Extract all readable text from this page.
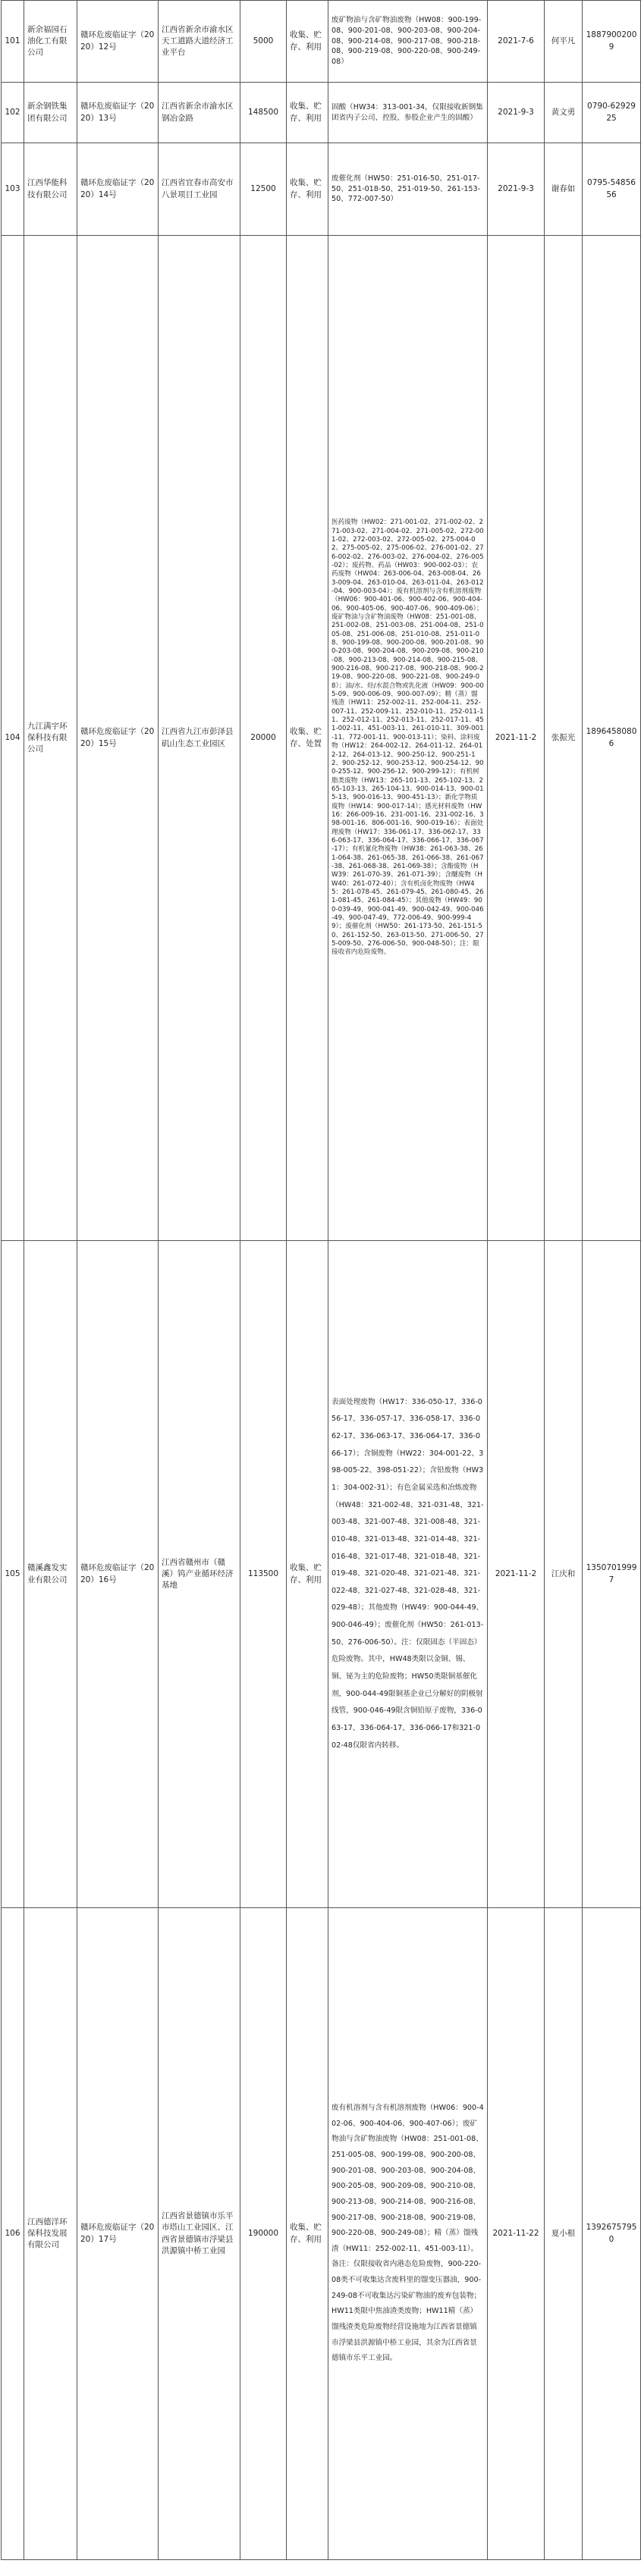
101	新余福园石油化工有限公司	赣环危废临证字（2020）12号	江西省新余市渝水区天工道路大道经济工业平台	5000	收集、贮存、利用	废矿物油与含矿物油废物（HW08：900-199-08、900-201-08、900-203-08、900-204-08、900-214-08、900-217-08、900-218-08、900-219-08、900-220-08、900-249-08）	2021-7-6	何平凡	18879002009
102	新余钢铁集团有限公司	赣环危废临证字（2020）13号	江西省新余市渝水区钢冶金路	148500	收集、贮存、利用	固酸（HW34：313-001-34，仅限接收新钢集团省内子公司、控股、参股企业产生的固酸）	2021-9-3	黄文勇	0790-6292925
103	江西华能科技有限公司	赣环危废临证字（2020）14号	江西省宜春市高安市八景项目工业园	12500	收集、贮存、利用	废催化剂（HW50：251-016-50、251-017-50、251-018-50、251-019-50、261-153-50、772-007-50）	2021-9-3	谢春如	0795-5485656
104	九江满宇环保科技有限公司	赣环危废临证字（2020）15号	江西省九江市彭泽县矶山生态工业园区	20000	收集、贮存、处置	医药废物（HW02：271-001-02、271-002-02、271-003-02、271-004-02、271-005-02、272-001-02、272-003-02、272-005-02、275-004-02、275-005-02、275-006-02、276-001-02、276-002-02、276-003-02、276-004-02、276-005-02）；废药物、药品（HW03：900-002-03）；农药废物（HW04：263-006-04、263-008-04、263-009-04、263-010-04、263-011-04、263-012-04、900-003-04）；废有机溶剂与含有机溶剂废物（HW06：900-401-06、900-402-06、900-404-06、900-405-06、900-407-06、900-409-06）；废矿物油与含矿物油废物（HW08：251-001-08、251-002-08、251-003-08、251-004-08、251-005-08、251-006-08、251-010-08、251-011-08、900-199-08、900-200-08、900-201-08、900-203-08、900-204-08、900-209-08、900-210-08、900-213-08、900-214-08、900-215-08、900-216-08、900-217-08、900-218-08、900-219-08、900-220-08、900-221-08、900-249-08）；油/水、烃/水混合物或乳化液（HW09：900-005-09、900-006-09、900-007-09）；精（蒸）馏残渣（HW11：252-002-11、252-004-11、252-007-11、252-009-11、252-010-11、252-011-11、252-012-11、252-013-11、252-017-11、451-002-11、451-003-11、261-010-11、309-001-11、772-001-11、900-013-11）；染料、涂料废物（HW12：264-002-12、264-011-12、264-012-12、264-013-12、900-250-12、900-251-12、900-252-12、900-253-12、900-254-12、900-255-12、900-256-12、900-299-12）；有机树脂类废物（HW13：265-101-13、265-102-13、265-103-13、265-104-13、900-014-13、900-015-13、900-016-13、900-451-13）；新化学物质废物（HW14：900-017-14）；感光材料废物（HW16：266-009-16、231-001-16、231-002-16、398-001-16、806-001-16、900-019-16）；表面处理废物（HW17：336-061-17、336-062-17、336-063-17、336-064-17、336-066-17、336-067-17）；有机氰化物废物（HW38：261-063-38、261-064-38、261-065-38、261-066-38、261-067-38、261-068-38、261-069-38）；含酚废物（HW39：261-070-39、261-071-39）；含醚废物（HW40：261-072-40）；含有机卤化物废物（HW45：261-078-45、261-079-45、261-080-45、261-081-45、261-084-45）；其他废物（HW49：900-039-49、900-041-49、900-042-49、900-046-49、900-047-49、772-006-49、900-999-49）；废催化剂（HW50：261-173-50、261-151-50、261-152-50、263-013-50、271-006-50、275-009-50、276-006-50、900-048-50）；注：限接收省内危险废物。	2021-11-2	张振光	18964580806
105	赣溪鑫发实业有限公司	赣环危废临证字（2020）16号	江西省赣州市（赣溪）钨产业循环经济基地	113500	收集、贮存、利用	表面处理废物（HW17：336-050-17、336-056-17、336-057-17、336-058-17、336-062-17、336-063-17、336-064-17、336-066-17）；含铜废物（HW22：304-001-22、398-005-22、398-051-22）；含铅废物（HW31：304-002-31）；有色金属采选和冶炼废物（HW48：321-002-48、321-031-48、321-003-48、321-007-48、321-008-48、321-010-48、321-013-48、321-014-48、321-016-48、321-017-48、321-018-48、321-019-48、321-020-48、321-021-48、321-022-48、321-027-48、321-028-48、321-029-48）；其他废物（HW49：900-044-49、900-046-49）；废催化剂（HW50：261-013-50、276-006-50）。注：仅限固态（半固态）危险废物。其中，HW48类限以金铜、锡、铜、铋为主的危险废物；HW50类限铜基催化剂，900-044-49限铜基企业已分解好的阴极射线管，900-046-49限含铜铅原子废物，336-063-17、336-064-17、336-066-17和321-002-48仅限省内转移。	2021-11-2	江庆和	13507019997
106	江西德洋环保科技发展有限公司	赣环危废临证字（2020）17号	江西省景德镇市乐平市塔山工业园区、江西省景德镇市浮梁县洪源镇中桥工业园	190000	收集、贮存、利用	废有机溶剂与含有机溶剂废物（HW06：900-402-06、900-404-06、900-407-06）；废矿物油与含矿物油废物（HW08：251-001-08、251-005-08、900-199-08、900-200-08、900-201-08、900-203-08、900-204-08、900-205-08、900-209-08、900-210-08、900-213-08、900-214-08、900-216-08、900-217-08、900-218-08、900-219-08、900-220-08、900-249-08）；精（蒸）馏残渣（HW11：252-002-11、451-003-11）。备注：仅限接收省内港态危险废物，900-220-08类不可收集达含废料里的馏变压器油，900-249-08不可收集达污染矿物油的废弃包装物；HW11类限中焦油渣类废物；HW11精（蒸）馏残渣类危险废物经营设施地为江西省景德镇市浮梁县洪源镇中桥工业园，其余为江西省景德镇市乐平工业园。	2021-11-22	夏小根	13926757950
